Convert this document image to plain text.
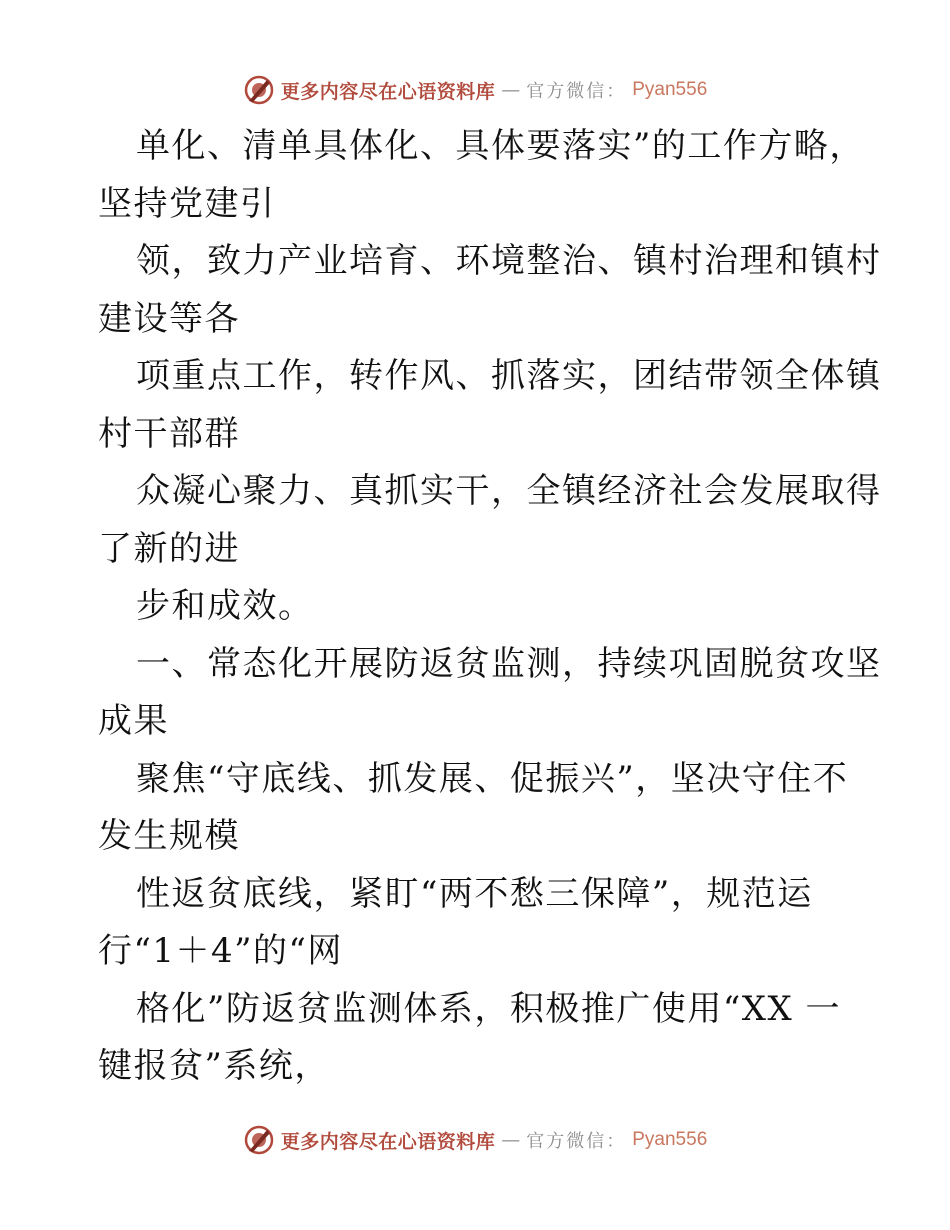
更多内容尽在心语资料库 — 官方微信： Pyan556

单化、清单具体化、具体要落实”的工作方略，
坚持党建引

领，致力产业培育、环境整治、镇村治理和镇村
建设等各

项重点工作，转作风、抓落实，团结带领全体镇
村干部群

众凝心聚力、真抓实干，全镇经济社会发展取得
了新的进

步和成效。

一、常态化开展防返贫监测，持续巩固脱贫攻坚
成果

聚焦“守底线、抓发展、促振兴”，坚决守住不
发生规模

性返贫底线，紧盯“两不愁三保障”，规范运
行“1＋4”的“网

格化”防返贫监测体系，积极推广使用“XX 一
键报贫”系统，

更多内容尽在心语资料库 — 官方微信： Pyan556
